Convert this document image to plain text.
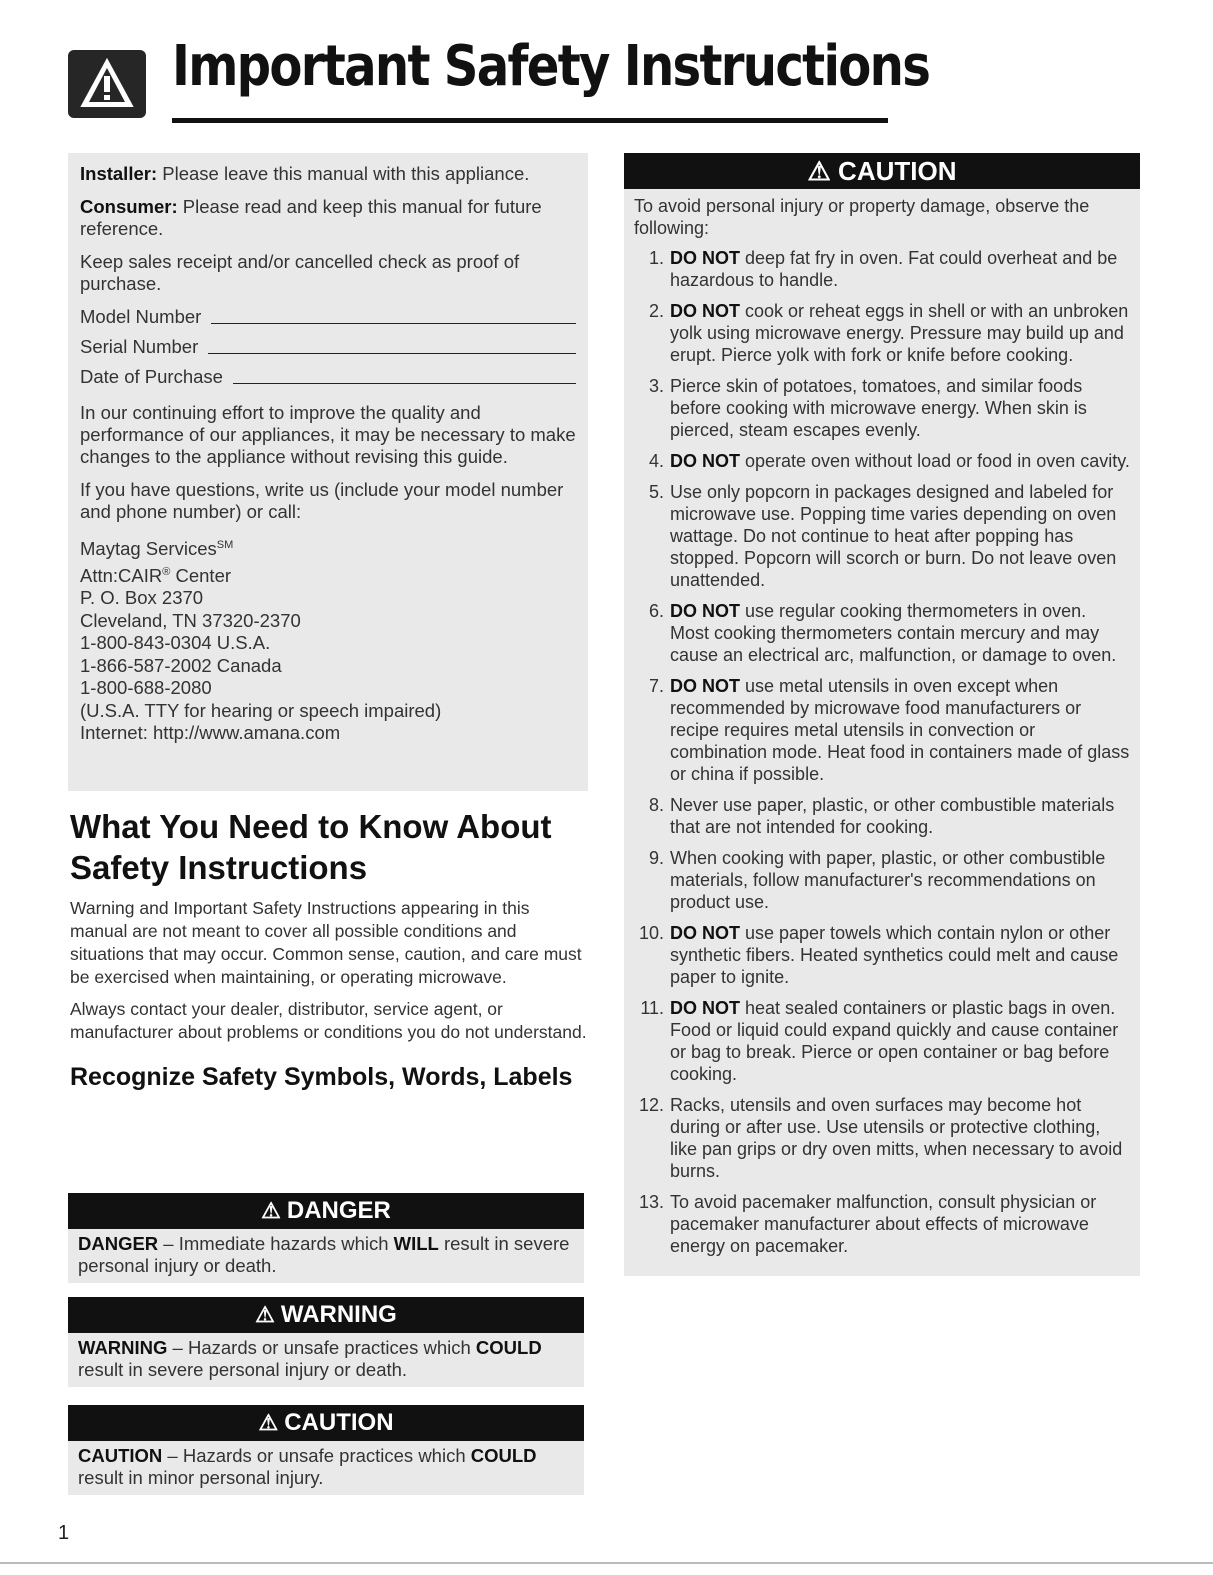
Important Safety Instructions

Installer: Please leave this manual with this appliance.

Consumer: Please read and keep this manual for future reference.

Keep sales receipt and/or cancelled check as proof of purchase.

Model Number
Serial Number
Date of Purchase

In our continuing effort to improve the quality and performance of our appliances, it may be necessary to make changes to the appliance without revising this guide.

If you have questions, write us (include your model number and phone number) or call:

Maytag Services℠
Attn:CAIR® Center
P. O. Box 2370
Cleveland, TN 37320-2370
1-800-843-0304 U.S.A.
1-866-587-2002 Canada
1-800-688-2080
(U.S.A. TTY for hearing or speech impaired)
Internet: http://www.amana.com
What You Need to Know About Safety Instructions

Warning and Important Safety Instructions appearing in this manual are not meant to cover all possible conditions and situations that may occur. Common sense, caution, and care must be exercised when maintaining, or operating microwave.

Always contact your dealer, distributor, service agent, or manufacturer about problems or conditions you do not understand.

Recognize Safety Symbols, Words, Labels
⚠ DANGER
DANGER – Immediate hazards which WILL result in severe personal injury or death.
⚠ WARNING
WARNING – Hazards or unsafe practices which COULD result in severe personal injury or death.
⚠ CAUTION
CAUTION – Hazards or unsafe practices which COULD result in minor personal injury.
⚠ CAUTION

To avoid personal injury or property damage, observe the following:

1. DO NOT deep fat fry in oven. Fat could overheat and be hazardous to handle.
2. DO NOT cook or reheat eggs in shell or with an unbroken yolk using microwave energy. Pressure may build up and erupt. Pierce yolk with fork or knife before cooking.
3. Pierce skin of potatoes, tomatoes, and similar foods before cooking with microwave energy. When skin is pierced, steam escapes evenly.
4. DO NOT operate oven without load or food in oven cavity.
5. Use only popcorn in packages designed and labeled for microwave use. Popping time varies depending on oven wattage. Do not continue to heat after popping has stopped. Popcorn will scorch or burn. Do not leave oven unattended.
6. DO NOT use regular cooking thermometers in oven. Most cooking thermometers contain mercury and may cause an electrical arc, malfunction, or damage to oven.
7. DO NOT use metal utensils in oven except when recommended by microwave food manufacturers or recipe requires metal utensils in convection or combination mode. Heat food in containers made of glass or china if possible.
8. Never use paper, plastic, or other combustible materials that are not intended for cooking.
9. When cooking with paper, plastic, or other combustible materials, follow manufacturer's recommendations on product use.
10. DO NOT use paper towels which contain nylon or other synthetic fibers. Heated synthetics could melt and cause paper to ignite.
11. DO NOT heat sealed containers or plastic bags in oven. Food or liquid could expand quickly and cause container or bag to break. Pierce or open container or bag before cooking.
12. Racks, utensils and oven surfaces may become hot during or after use. Use utensils or protective clothing, like pan grips or dry oven mitts, when necessary to avoid burns.
13. To avoid pacemaker malfunction, consult physician or pacemaker manufacturer about effects of microwave energy on pacemaker.
1
